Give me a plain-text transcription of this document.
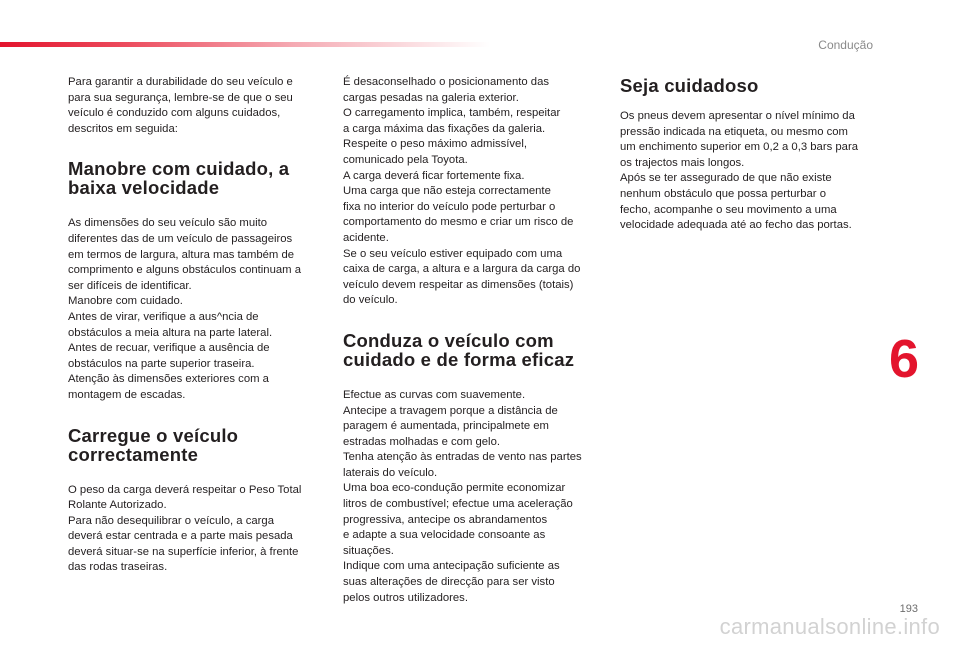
Condução
6

Para garantir a durabilidade do seu veículo e
para sua segurança, lembre-se de que o seu
veículo é conduzido com alguns cuidados,
descritos em seguida:

Manobre com cuidado, a
baixa velocidade

As dimensões do seu veículo são muito
diferentes das de um veículo de passageiros
em termos de largura, altura mas também de
comprimento e alguns obstáculos continuam a
ser difíceis de identificar.
Manobre com cuidado.
Antes de virar, verifique a aus^ncia de
obstáculos a meia altura na parte lateral.
Antes de recuar, verifique a ausência de
obstáculos na parte superior traseira.
Atenção às dimensões exteriores com a
montagem de escadas.

Carregue o veículo
correctamente

O peso da carga deverá respeitar o Peso Total
Rolante Autorizado.
Para não desequilibrar o veículo, a carga
deverá estar centrada e a parte mais pesada
deverá situar-se na superfície inferior, à frente
das rodas traseiras.

É desaconselhado o posicionamento das
cargas pesadas na galeria exterior.
O carregamento implica, também, respeitar
a carga máxima das fixações da galeria.
Respeite o peso máximo admissível,
comunicado pela Toyota.
A carga deverá ficar fortemente fixa.
Uma carga que não esteja correctamente
fixa no interior do veículo pode perturbar o
comportamento do mesmo e criar um risco de
acidente.
Se o seu veículo estiver equipado com uma
caixa de carga, a altura e a largura da carga do
veículo devem respeitar as dimensões (totais)
do veículo.

Conduza o veículo com
cuidado e de forma eficaz

Efectue as curvas com suavemente.
Antecipe a travagem porque a distância de
paragem é aumentada, principalmete em
estradas molhadas e com gelo.
Tenha atenção às entradas de vento nas partes
laterais do veículo.
Uma boa eco-condução permite economizar
litros de combustível; efectue uma aceleração
progressiva, antecipe os abrandamentos
e adapte a sua velocidade consoante as
situações.
Indique com uma antecipação suficiente as
suas alterações de direcção para ser visto
pelos outros utilizadores.

Seja cuidadoso

Os pneus devem apresentar o nível mínimo da
pressão indicada na etiqueta, ou mesmo com
um enchimento superior em 0,2 a 0,3 bars para
os trajectos mais longos.
Após se ter assegurado de que não existe
nenhum obstáculo que possa perturbar o
fecho, acompanhe o seu movimento a uma
velocidade adequada até ao fecho das portas.

193
carmanualsonline.info
